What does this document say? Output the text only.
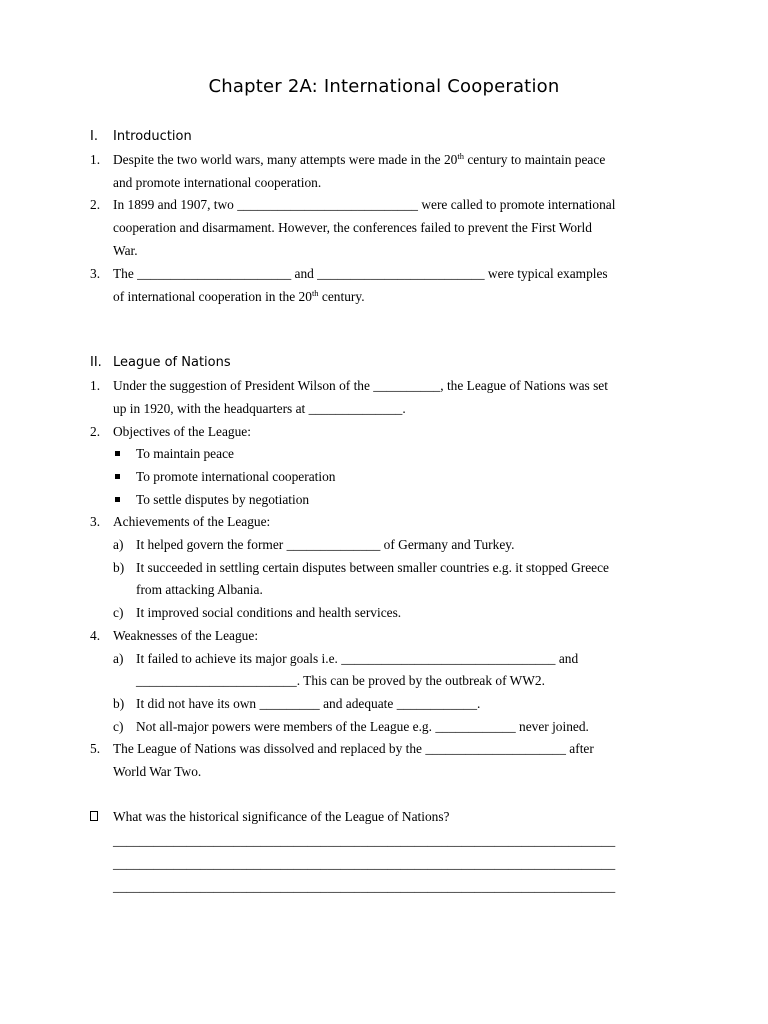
Chapter 2A: International Cooperation
I. Introduction
1. Despite the two world wars, many attempts were made in the 20th century to maintain peace
and promote international cooperation.
2. In 1899 and 1907, two ___________________________ were called to promote international
cooperation and disarmament. However, the conferences failed to prevent the First World
War.
3. The _______________________ and _________________________ were typical examples
of international cooperation in the 20th century.
II. League of Nations
1. Under the suggestion of President Wilson of the __________, the League of Nations was set
up in 1920, with the headquarters at ______________.
2. Objectives of the League:
To maintain peace
To promote international cooperation
To settle disputes by negotiation
3. Achievements of the League:
a) It helped govern the former ______________ of Germany and Turkey.
b) It succeeded in settling certain disputes between smaller countries e.g. it stopped Greece
from attacking Albania.
c) It improved social conditions and health services.
4. Weaknesses of the League:
a) It failed to achieve its major goals i.e. ________________________________ and
________________________. This can be proved by the outbreak of WW2.
b) It did not have its own _________ and adequate ____________.
c) Not all-major powers were members of the League e.g. ____________ never joined.
5. The League of Nations was dissolved and replaced by the _____________________ after
World War Two.
What was the historical significance of the League of Nations?
___________________________________________________________________________
___________________________________________________________________________
___________________________________________________________________________
